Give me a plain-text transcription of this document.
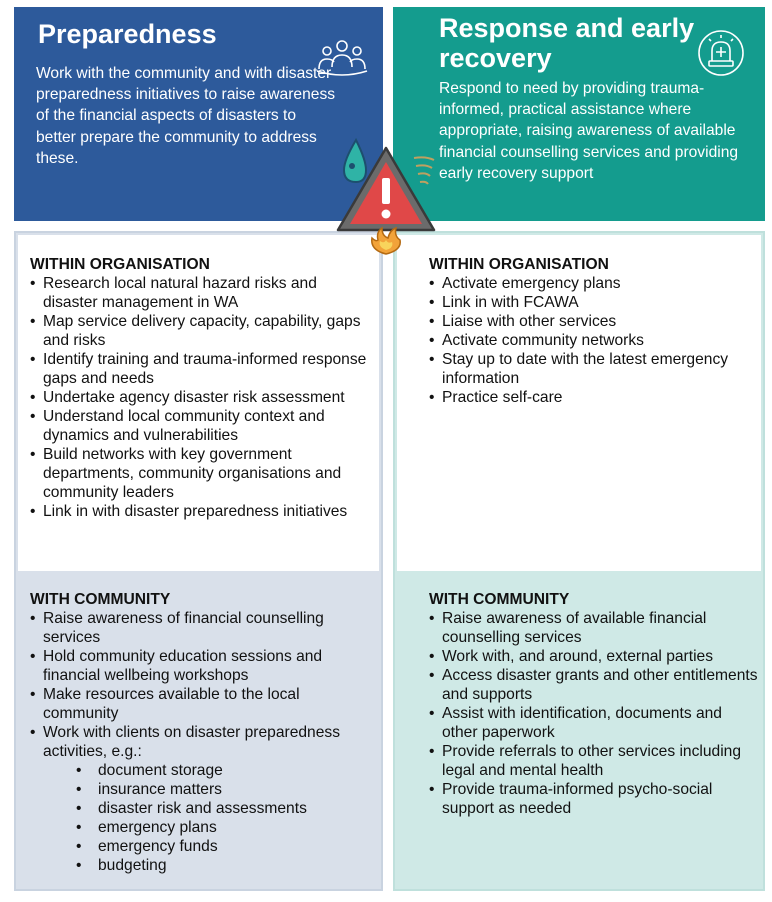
Preparedness
Work with the community and with disaster preparedness initiatives to raise awareness of the financial aspects of disasters to better prepare the community to address these.
Response and early recovery
Respond to need by providing trauma-informed, practical assistance where appropriate, raising awareness of available financial counselling services and providing early recovery support
WITHIN ORGANISATION
• Research local natural hazard risks and disaster management in WA
• Map service delivery capacity, capability, gaps and risks
• Identify training and trauma-informed response gaps and needs
• Undertake agency disaster risk assessment
• Understand local community context and dynamics and vulnerabilities
• Build networks with key government departments, community organisations and community leaders
• Link in with disaster preparedness initiatives
WITH COMMUNITY
• Raise awareness of financial counselling services
• Hold community education sessions and financial wellbeing workshops
• Make resources available to the local community
• Work with clients on disaster preparedness activities, e.g.:
• document storage
• insurance matters
• disaster risk and assessments
• emergency plans
• emergency funds
• budgeting
WITHIN ORGANISATION
• Activate emergency plans
• Link in with FCAWA
• Liaise with other services
• Activate community networks
• Stay up to date with the latest emergency information
• Practice self-care
WITH COMMUNITY
• Raise awareness of available financial counselling services
• Work with, and around, external parties
• Access disaster grants and other entitlements and supports
• Assist with identification, documents and other paperwork
• Provide referrals to other services including legal and mental health
• Provide trauma-informed psycho-social support as needed
